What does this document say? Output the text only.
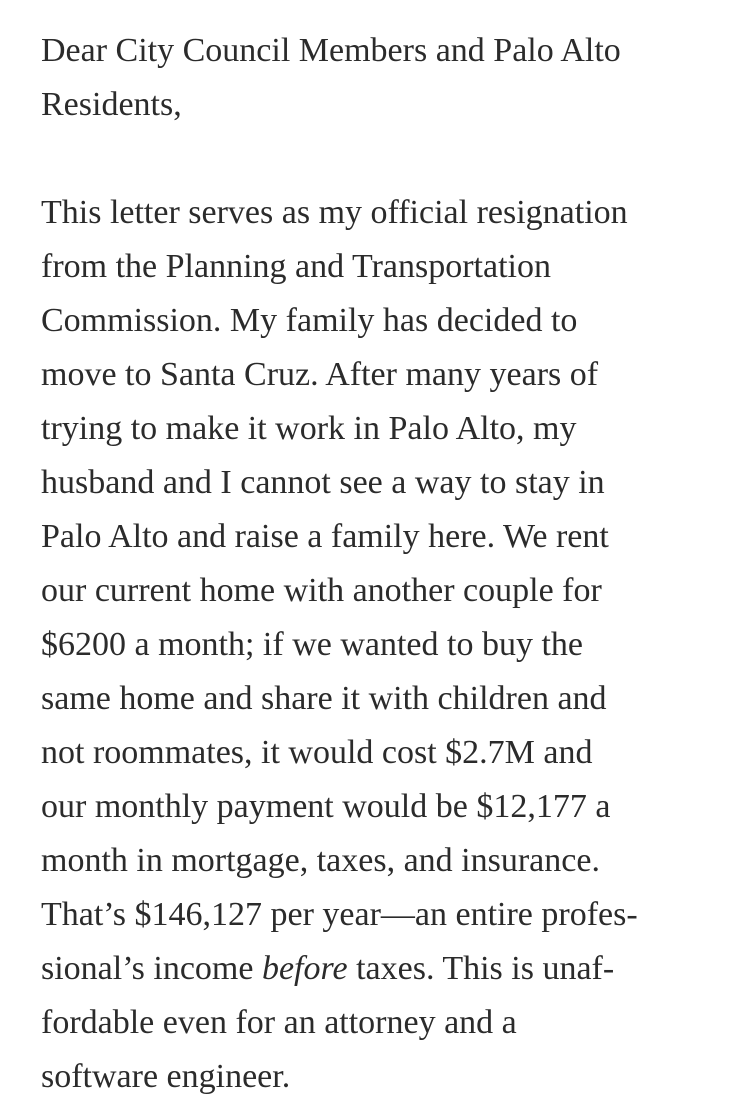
Dear City Council Members and Palo Alto
Residents,
This letter serves as my official resignation
from the Planning and Transportation
Commission. My family has decided to
move to Santa Cruz. After many years of
trying to make it work in Palo Alto, my
husband and I cannot see a way to stay in
Palo Alto and raise a family here. We rent
our current home with another couple for
$6200 a month; if we wanted to buy the
same home and share it with children and
not roommates, it would cost $2.7M and
our monthly payment would be $12,177 a
month in mortgage, taxes, and insurance.
That’s $146,127 per year—an entire profes-
sional’s income before taxes. This is unaf-
fordable even for an attorney and a
software engineer.
